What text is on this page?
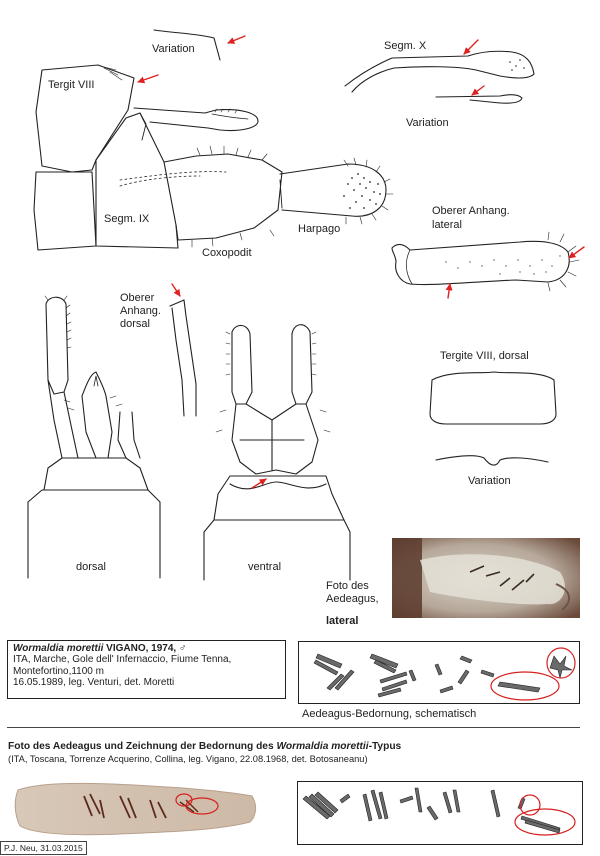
Variation
Tergit VIII
Segm. X
Variation
Segm. IX
Coxopodit
Harpago
Oberer Anhang.
lateral
Oberer
Anhang.
dorsal
Tergite VIII, dorsal
Variation
dorsal	ventral
Foto des
Aedeagus,
lateral
Aedeagus-Bedornung, schematisch
Wormaldia morettii VIGANO, 1974, ♂
ITA, Marche, Gole dell' Infernaccio, Fiume Tenna,
Montefortino,1100 m
16.05.1989, leg. Venturi, det. Moretti
Foto des Aedeagus und Zeichnung der Bedornung des Wormaldia morettii-Typus
(ITA, Toscana, Torrenze Acquerino, Collina, leg. Vigano, 22.08.1968, det. Botosaneanu)
P.J. Neu, 31.03.2015
